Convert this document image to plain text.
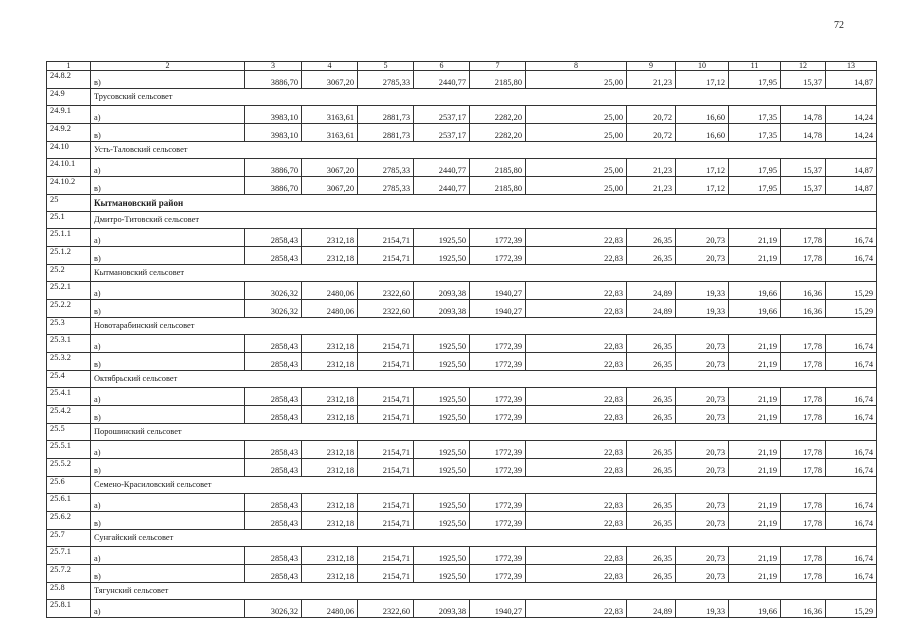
72
1	2	3	4	5	6	7	8	9	10	11	12	13
24.8.2	в)	3886,70	3067,20	2785,33	2440,77	2185,80	25,00	21,23	17,12	17,95	15,37	14,87
24.9	Трусовский сельсовет											
24.9.1	а)	3983,10	3163,61	2881,73	2537,17	2282,20	25,00	20,72	16,60	17,35	14,78	14,24
24.9.2	в)	3983,10	3163,61	2881,73	2537,17	2282,20	25,00	20,72	16,60	17,35	14,78	14,24
24.10	Усть-Таловский сельсовет											
24.10.1	а)	3886,70	3067,20	2785,33	2440,77	2185,80	25,00	21,23	17,12	17,95	15,37	14,87
24.10.2	в)	3886,70	3067,20	2785,33	2440,77	2185,80	25,00	21,23	17,12	17,95	15,37	14,87
25	Кытмановский район											
25.1	Дмитро-Титовский сельсовет											
25.1.1	а)	2858,43	2312,18	2154,71	1925,50	1772,39	22,83	26,35	20,73	21,19	17,78	16,74
25.1.2	в)	2858,43	2312,18	2154,71	1925,50	1772,39	22,83	26,35	20,73	21,19	17,78	16,74
25.2	Кытмановский сельсовет											
25.2.1	а)	3026,32	2480,06	2322,60	2093,38	1940,27	22,83	24,89	19,33	19,66	16,36	15,29
25.2.2	в)	3026,32	2480,06	2322,60	2093,38	1940,27	22,83	24,89	19,33	19,66	16,36	15,29
25.3	Новотарабинский сельсовет											
25.3.1	а)	2858,43	2312,18	2154,71	1925,50	1772,39	22,83	26,35	20,73	21,19	17,78	16,74
25.3.2	в)	2858,43	2312,18	2154,71	1925,50	1772,39	22,83	26,35	20,73	21,19	17,78	16,74
25.4	Октябрьский сельсовет											
25.4.1	а)	2858,43	2312,18	2154,71	1925,50	1772,39	22,83	26,35	20,73	21,19	17,78	16,74
25.4.2	в)	2858,43	2312,18	2154,71	1925,50	1772,39	22,83	26,35	20,73	21,19	17,78	16,74
25.5	Порошинский сельсовет											
25.5.1	а)	2858,43	2312,18	2154,71	1925,50	1772,39	22,83	26,35	20,73	21,19	17,78	16,74
25.5.2	в)	2858,43	2312,18	2154,71	1925,50	1772,39	22,83	26,35	20,73	21,19	17,78	16,74
25.6	Семено-Красиловский сельсовет											
25.6.1	а)	2858,43	2312,18	2154,71	1925,50	1772,39	22,83	26,35	20,73	21,19	17,78	16,74
25.6.2	в)	2858,43	2312,18	2154,71	1925,50	1772,39	22,83	26,35	20,73	21,19	17,78	16,74
25.7	Сунгайский сельсовет											
25.7.1	а)	2858,43	2312,18	2154,71	1925,50	1772,39	22,83	26,35	20,73	21,19	17,78	16,74
25.7.2	в)	2858,43	2312,18	2154,71	1925,50	1772,39	22,83	26,35	20,73	21,19	17,78	16,74
25.8	Тягунский сельсовет											
25.8.1	а)	3026,32	2480,06	2322,60	2093,38	1940,27	22,83	24,89	19,33	19,66	16,36	15,29
